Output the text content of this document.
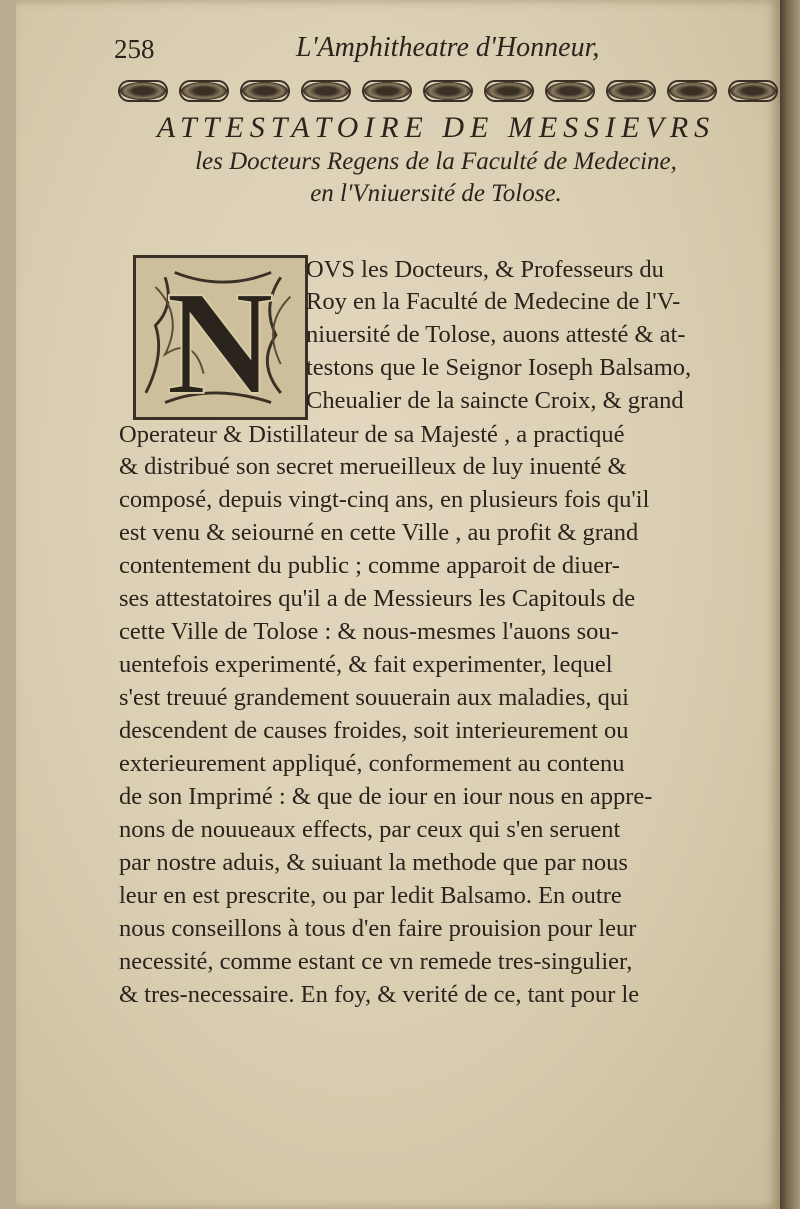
258	L'Amphitheatre d'Honneur,
ATTESTATOIRE DE MESSIEVRS
les Docteurs Regens de la Faculté de Medecine,
en l'Vniuersité de Tolose.
N OVS les Docteurs, & Professeurs du
Roy en la Faculté de Medecine de l'V-
niuersité de Tolose, auons attesté & at-
testons que le Seignor Ioseph Balsamo,
Cheualier de la saincte Croix, & grand
Operateur & Distillateur de sa Majesté , a practiqué
& distribué son secret merueilleux de luy inuenté &
composé, depuis vingt-cinq ans, en plusieurs fois qu'il
est venu & seiourné en cette Ville , au profit & grand
contentement du public ; comme apparoit de diuer-
ses attestatoires qu'il a de Messieurs les Capitouls de
cette Ville de Tolose : & nous-mesmes l'auons sou-
uentefois experimenté, & fait experimenter, lequel
s'est treuué grandement souuerain aux maladies, qui
descendent de causes froides, soit interieurement ou
exterieurement appliqué, conformement au contenu
de son Imprimé : & que de iour en iour nous en appre-
nons de nouueaux effects, par ceux qui s'en seruent
par nostre aduis, & suiuant la methode que par nous
leur en est prescrite, ou par ledit Balsamo. En outre
nous conseillons à tous d'en faire prouision pour leur
necessité, comme estant ce vn remede tres-singulier,
& tres-necessaire. En foy, & verité de ce, tant pour le
